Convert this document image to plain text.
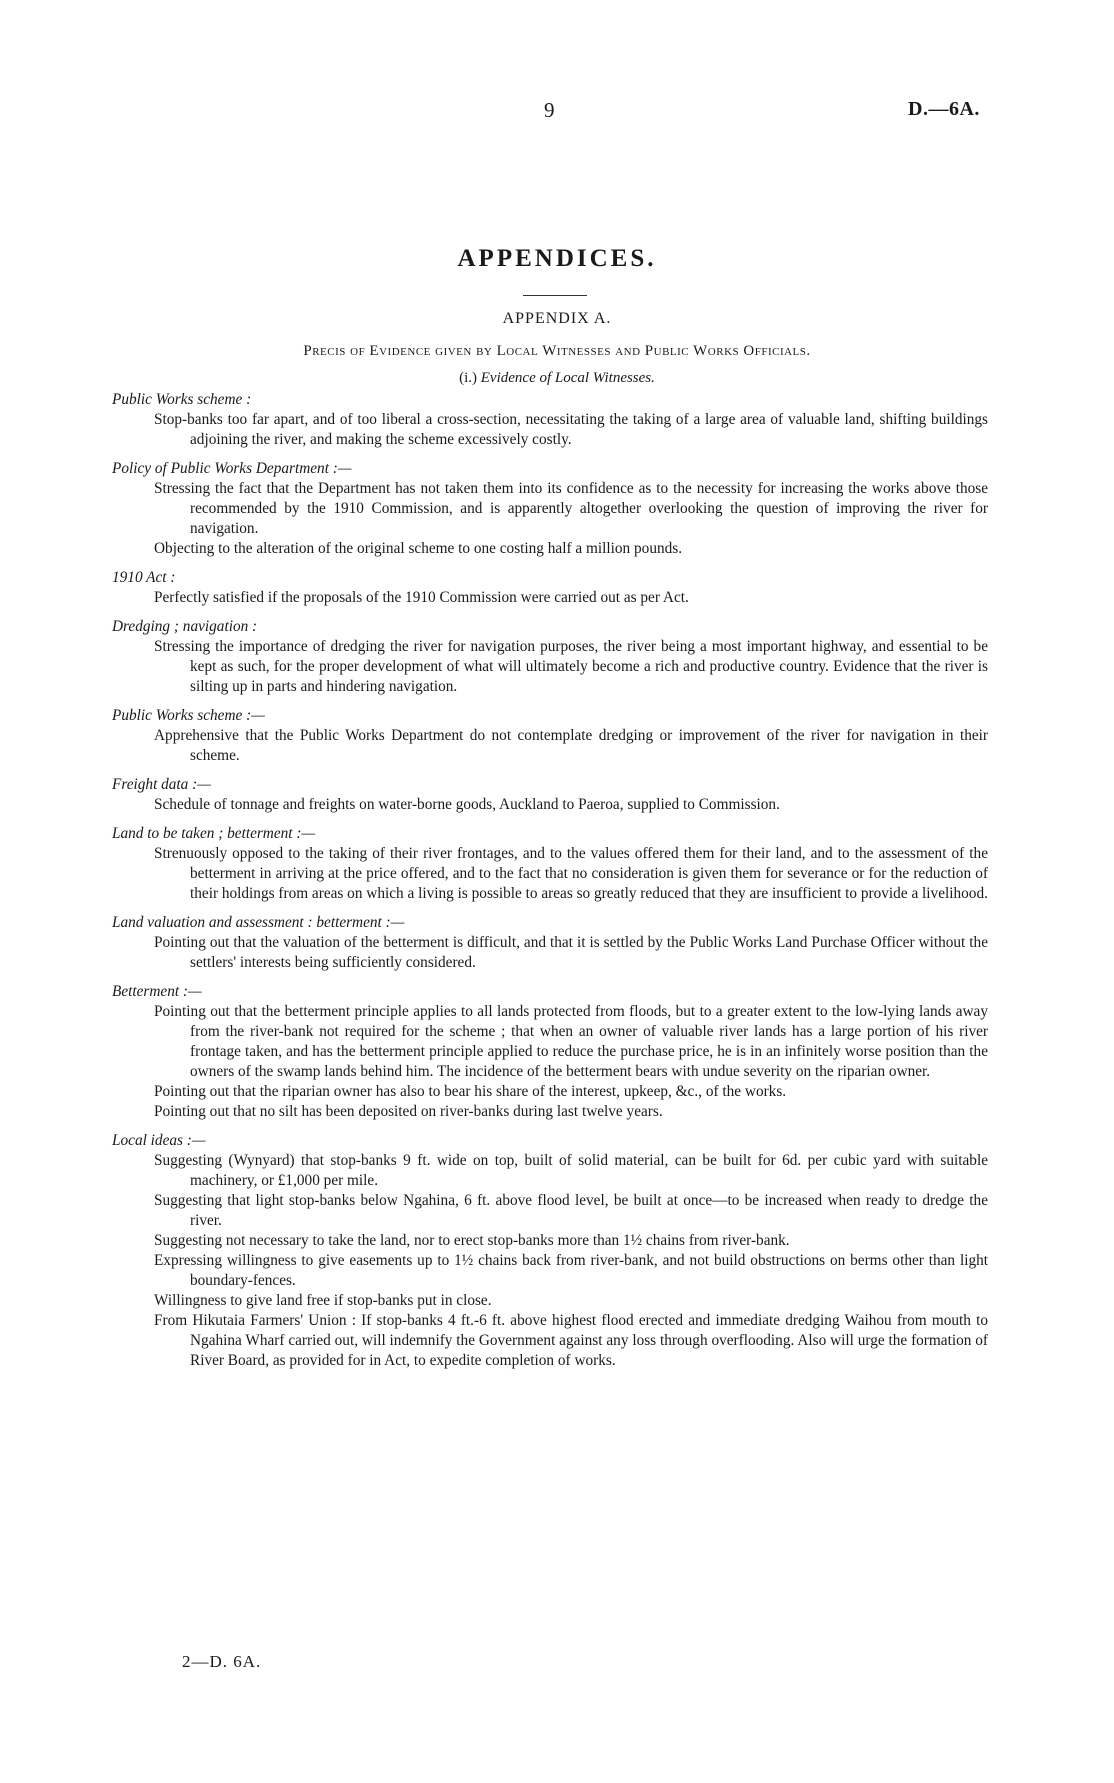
9	D.—6A.
APPENDICES.
APPENDIX A.
Precis of Evidence given by Local Witnesses and Public Works Officials.
(i.) Evidence of Local Witnesses.
Public Works scheme :
Stop-banks too far apart, and of too liberal a cross-section, necessitating the taking of a large area of valuable land, shifting buildings adjoining the river, and making the scheme excessively costly.
Policy of Public Works Department :—
Stressing the fact that the Department has not taken them into its confidence as to the necessity for increasing the works above those recommended by the 1910 Commission, and is apparently altogether overlooking the question of improving the river for navigation.
Objecting to the alteration of the original scheme to one costing half a million pounds.
1910 Act :
Perfectly satisfied if the proposals of the 1910 Commission were carried out as per Act.
Dredging ; navigation :
Stressing the importance of dredging the river for navigation purposes, the river being a most important highway, and essential to be kept as such, for the proper development of what will ultimately become a rich and productive country. Evidence that the river is silting up in parts and hindering navigation.
Public Works scheme :—
Apprehensive that the Public Works Department do not contemplate dredging or improvement of the river for navigation in their scheme.
Freight data :—
Schedule of tonnage and freights on water-borne goods, Auckland to Paeroa, supplied to Commission.
Land to be taken ; betterment :—
Strenuously opposed to the taking of their river frontages, and to the values offered them for their land, and to the assessment of the betterment in arriving at the price offered, and to the fact that no consideration is given them for severance or for the reduction of their holdings from areas on which a living is possible to areas so greatly reduced that they are insufficient to provide a livelihood.
Land valuation and assessment : betterment :—
Pointing out that the valuation of the betterment is difficult, and that it is settled by the Public Works Land Purchase Officer without the settlers' interests being sufficiently considered.
Betterment :—
Pointing out that the betterment principle applies to all lands protected from floods, but to a greater extent to the low-lying lands away from the river-bank not required for the scheme ; that when an owner of valuable river lands has a large portion of his river frontage taken, and has the betterment principle applied to reduce the purchase price, he is in an infinitely worse position than the owners of the swamp lands behind him. The incidence of the betterment bears with undue severity on the riparian owner.
Pointing out that the riparian owner has also to bear his share of the interest, upkeep, &c., of the works.
Pointing out that no silt has been deposited on river-banks during last twelve years.
Local ideas :—
Suggesting (Wynyard) that stop-banks 9 ft. wide on top, built of solid material, can be built for 6d. per cubic yard with suitable machinery, or £1,000 per mile.
Suggesting that light stop-banks below Ngahina, 6 ft. above flood level, be built at once—to be increased when ready to dredge the river.
Suggesting not necessary to take the land, nor to erect stop-banks more than 1½ chains from river-bank.
Expressing willingness to give easements up to 1½ chains back from river-bank, and not build obstructions on berms other than light boundary-fences.
Willingness to give land free if stop-banks put in close.
From Hikutaia Farmers' Union : If stop-banks 4 ft.-6 ft. above highest flood erected and immediate dredging Waihou from mouth to Ngahina Wharf carried out, will indemnify the Government against any loss through overflooding. Also will urge the formation of River Board, as provided for in Act, to expedite completion of works.
2—D. 6A.
